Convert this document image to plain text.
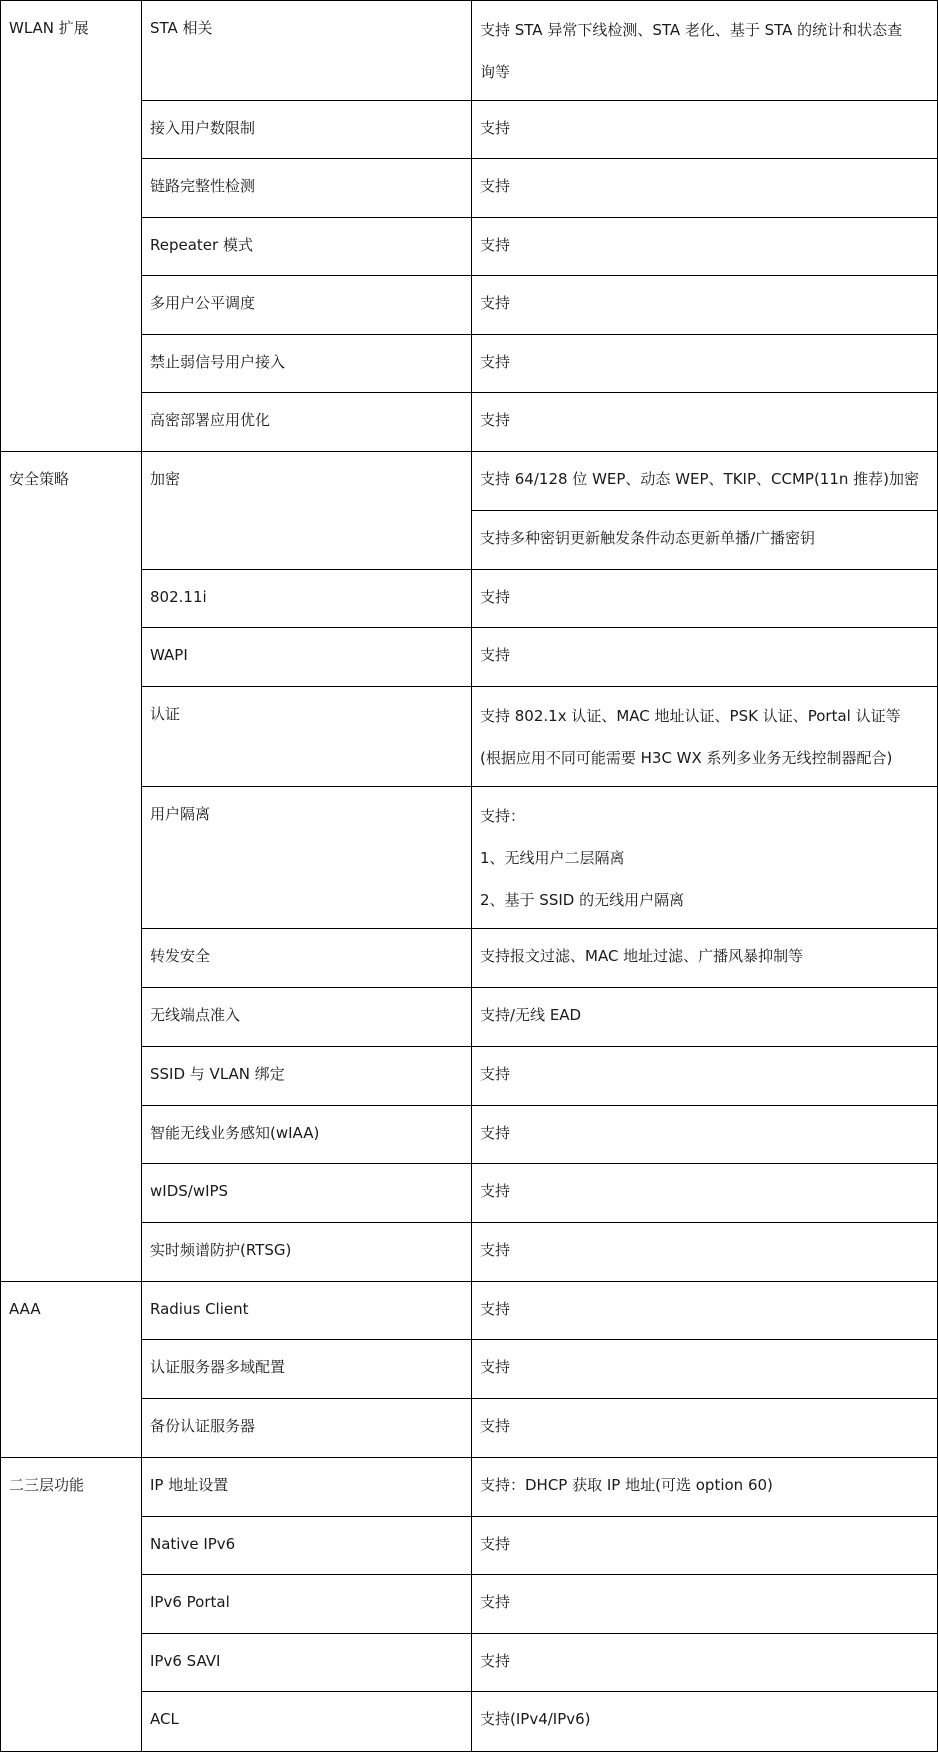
WLAN 扩展	STA 相关	支持 STA 异常下线检测、STA 老化、基于 STA 的统计和状态查
询等

	接入用户数限制	支持

	链路完整性检测	支持

	Repeater 模式	支持

	多用户公平调度	支持

	禁止弱信号用户接入	支持

	高密部署应用优化	支持

安全策略	加密	支持 64/128 位 WEP、动态 WEP、TKIP、CCMP(11n 推荐)加密

		支持多种密钥更新触发条件动态更新单播/广播密钥

	802.11i	支持

	WAPI	支持

	认证	支持 802.1x 认证、MAC 地址认证、PSK 认证、Portal 认证等
(根据应用不同可能需要 H3C WX 系列多业务无线控制器配合)

	用户隔离	支持：
1、无线用户二层隔离
2、基于 SSID 的无线用户隔离

	转发安全	支持报文过滤、MAC 地址过滤、广播风暴抑制等

	无线端点准入	支持/无线 EAD

	SSID 与 VLAN 绑定	支持

	智能无线业务感知(wIAA)	支持

	wIDS/wIPS	支持

	实时频谱防护(RTSG)	支持

AAA	Radius Client	支持

	认证服务器多域配置	支持

	备份认证服务器	支持

二三层功能	IP 地址设置	支持：DHCP 获取 IP 地址(可选 option 60)

	Native IPv6	支持

	IPv6 Portal	支持

	IPv6 SAVI	支持

	ACL	支持(IPv4/IPv6)
